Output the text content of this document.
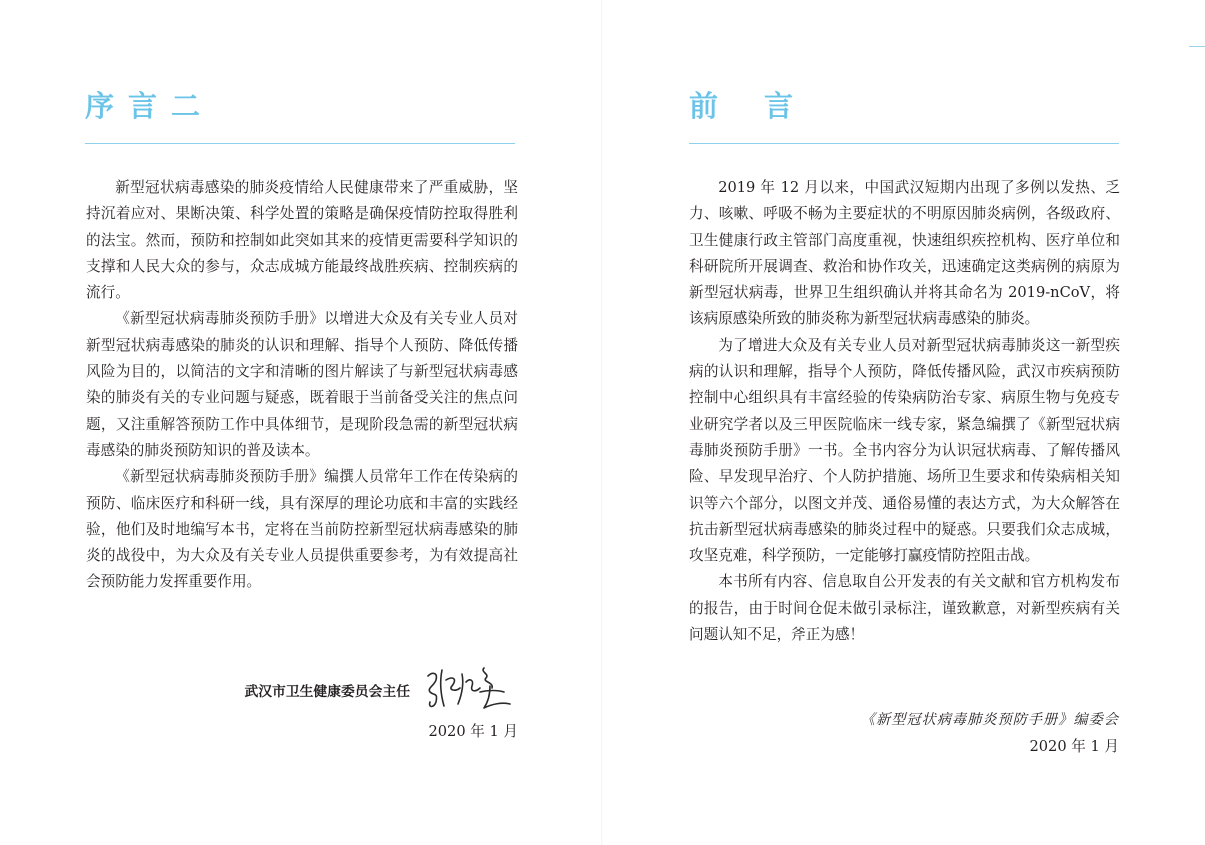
序言二

新型冠状病毒感染的肺炎疫情给人民健康带来了严重威胁，坚持沉着应对、果断决策、科学处置的策略是确保疫情防控取得胜利的法宝。然而，预防和控制如此突如其来的疫情更需要科学知识的支撑和人民大众的参与，众志成城方能最终战胜疾病、控制疾病的流行。

《新型冠状病毒肺炎预防手册》以增进大众及有关专业人员对新型冠状病毒感染的肺炎的认识和理解、指导个人预防、降低传播风险为目的，以简洁的文字和清晰的图片解读了与新型冠状病毒感染的肺炎有关的专业问题与疑惑，既着眼于当前备受关注的焦点问题，又注重解答预防工作中具体细节，是现阶段急需的新型冠状病毒感染的肺炎预防知识的普及读本。

《新型冠状病毒肺炎预防手册》编撰人员常年工作在传染病的预防、临床医疗和科研一线，具有深厚的理论功底和丰富的实践经验，他们及时地编写本书，定将在当前防控新型冠状病毒感染的肺炎的战役中，为大众及有关专业人员提供重要参考，为有效提高社会预防能力发挥重要作用。

武汉市卫生健康委员会主任
2020 年 1 月
前言

2019 年 12 月以来，中国武汉短期内出现了多例以发热、乏力、咳嗽、呼吸不畅为主要症状的不明原因肺炎病例，各级政府、卫生健康行政主管部门高度重视，快速组织疾控机构、医疗单位和科研院所开展调查、救治和协作攻关，迅速确定这类病例的病原为新型冠状病毒，世界卫生组织确认并将其命名为 2019-nCoV，将该病原感染所致的肺炎称为新型冠状病毒感染的肺炎。

为了增进大众及有关专业人员对新型冠状病毒肺炎这一新型疾病的认识和理解，指导个人预防，降低传播风险，武汉市疾病预防控制中心组织具有丰富经验的传染病防治专家、病原生物与免疫专业研究学者以及三甲医院临床一线专家，紧急编撰了《新型冠状病毒肺炎预防手册》一书。全书内容分为认识冠状病毒、了解传播风险、早发现早治疗、个人防护措施、场所卫生要求和传染病相关知识等六个部分，以图文并茂、通俗易懂的表达方式，为大众解答在抗击新型冠状病毒感染的肺炎过程中的疑惑。只要我们众志成城，攻坚克难，科学预防，一定能够打赢疫情防控阻击战。

本书所有内容、信息取自公开发表的有关文献和官方机构发布的报告，由于时间仓促未做引录标注，谨致歉意，对新型疾病有关问题认知不足，斧正为感！

《新型冠状病毒肺炎预防手册》编委会
2020 年 1 月
